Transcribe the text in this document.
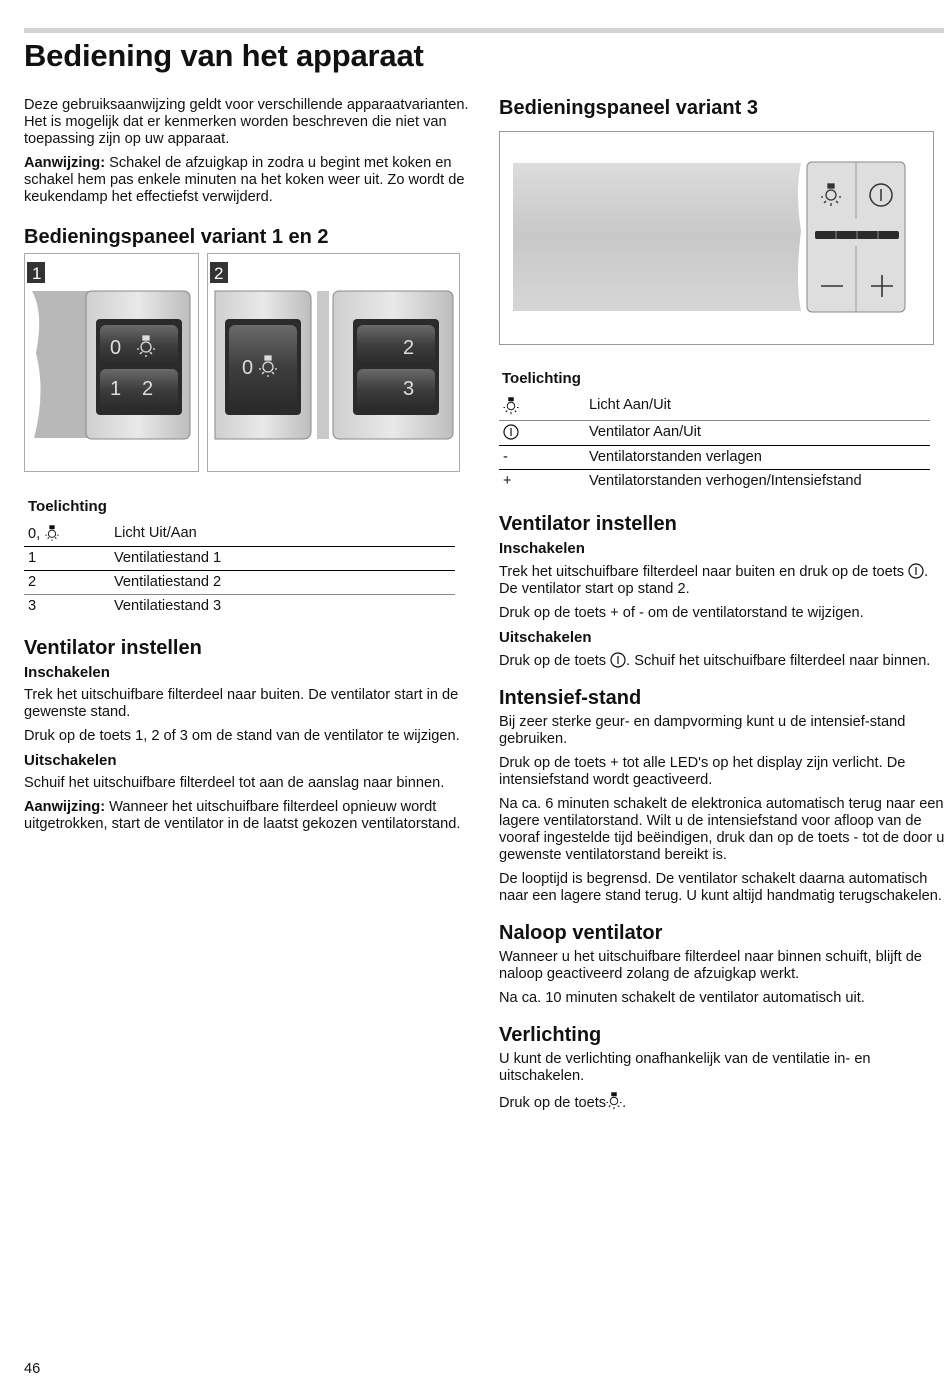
Bediening van het apparaat

Deze gebruiksaanwijzing geldt voor verschillende apparaatvarianten. Het is mogelijk dat er kenmerken worden beschreven die niet van toepassing zijn op uw apparaat.

Aanwijzing: Schakel de afzuigkap in zodra u begint met koken en schakel hem pas enkele minuten na het koken weer uit. Zo wordt de keukendamp het effectiefst verwijderd.

Bedieningspaneel variant 1 en 2
1
0
1 2
2
0
2
3
Toelichting
0,	Licht Uit/Aan
1	Ventilatiestand 1
2	Ventilatiestand 2
3	Ventilatiestand 3
Ventilator instellen
Inschakelen

Trek het uitschuifbare filterdeel naar buiten. De ventilator start in de gewenste stand.

Druk op de toets 1, 2 of 3 om de stand van de ventilator te wijzigen.

Uitschakelen

Schuif het uitschuifbare filterdeel tot aan de aanslag naar binnen.

Aanwijzing: Wanneer het uitschuifbare filterdeel opnieuw wordt uitgetrokken, start de ventilator in de laatst gekozen ventilatorstand.

Bedieningspaneel variant 3
Toelichting
	Licht Aan/Uit
	Ventilator Aan/Uit
-	Ventilatorstanden verlagen
+	Ventilatorstanden verhogen/Intensiefstand
Ventilator instellen
Inschakelen

Trek het uitschuifbare filterdeel naar buiten en druk op de toets . De ventilator start op stand 2.

Druk op de toets + of - om de ventilatorstand te wijzigen.

Uitschakelen

Druk op de toets . Schuif het uitschuifbare filterdeel naar binnen.

Intensief-stand

Bij zeer sterke geur- en dampvorming kunt u de intensief-stand gebruiken.

Druk op de toets + tot alle LED's op het display zijn verlicht. De intensiefstand wordt geactiveerd.

Na ca. 6 minuten schakelt de elektronica automatisch terug naar een lagere ventilatorstand. Wilt u de intensiefstand voor afloop van de vooraf ingestelde tijd beëindigen, druk dan op de toets - tot de door u gewenste ventilatorstand bereikt is.

De looptijd is begrensd. De ventilator schakelt daarna automatisch naar een lagere stand terug. U kunt altijd handmatig terugschakelen.

Naloop ventilator

Wanneer u het uitschuifbare filterdeel naar binnen schuift, blijft de naloop geactiveerd zolang de afzuigkap werkt.

Na ca. 10 minuten schakelt de ventilator automatisch uit.

Verlichting

U kunt de verlichting onafhankelijk van de ventilatie in- en uitschakelen.

Druk op de toets .

46
